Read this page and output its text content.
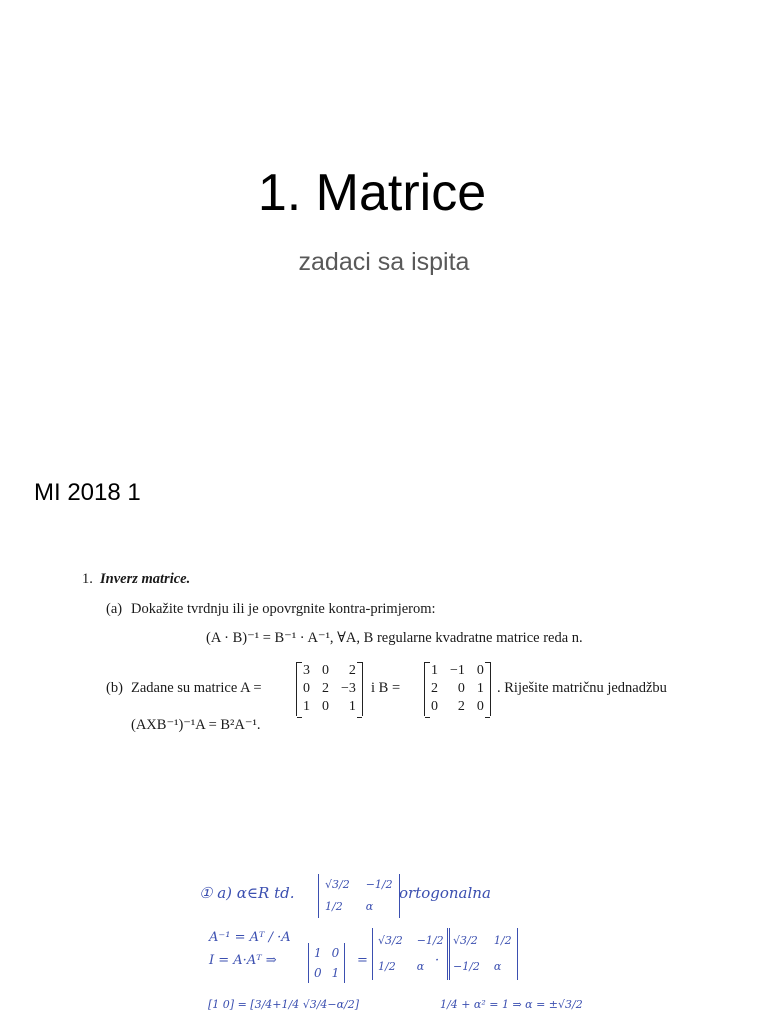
1. Matrice
zadaci sa ispita
MI 2018 1
1. Inverz matrice.
(a) Dokažite tvrdnju ili je opovrgnite kontra-primjerom:
(A · B)⁻¹ = B⁻¹ · A⁻¹, ∀A, B regularne kvadratne matrice reda n.
(b) Zadane su matrice A =
3 0	2
0 2 −3
1 0	1
i B =
1 −1 0
2	0 1
0	2 0
. Riješite matričnu jednadžbu
(AXB⁻¹)⁻¹A = B²A⁻¹.
① a) α∈R td.	√3/2 −1/2
1/2	α
ortogonalna
A⁻¹ = Aᵀ / ·A
I = A·Aᵀ ⇒	1 0
0 1
=
√3/2 −1/2
1/2	α ·
√3/2 1/2
−1/2 α
[1 0] = [3/4+1/4 √3/4−α/2]	1/4 + α² = 1 ⇒ α = ±√3/2
